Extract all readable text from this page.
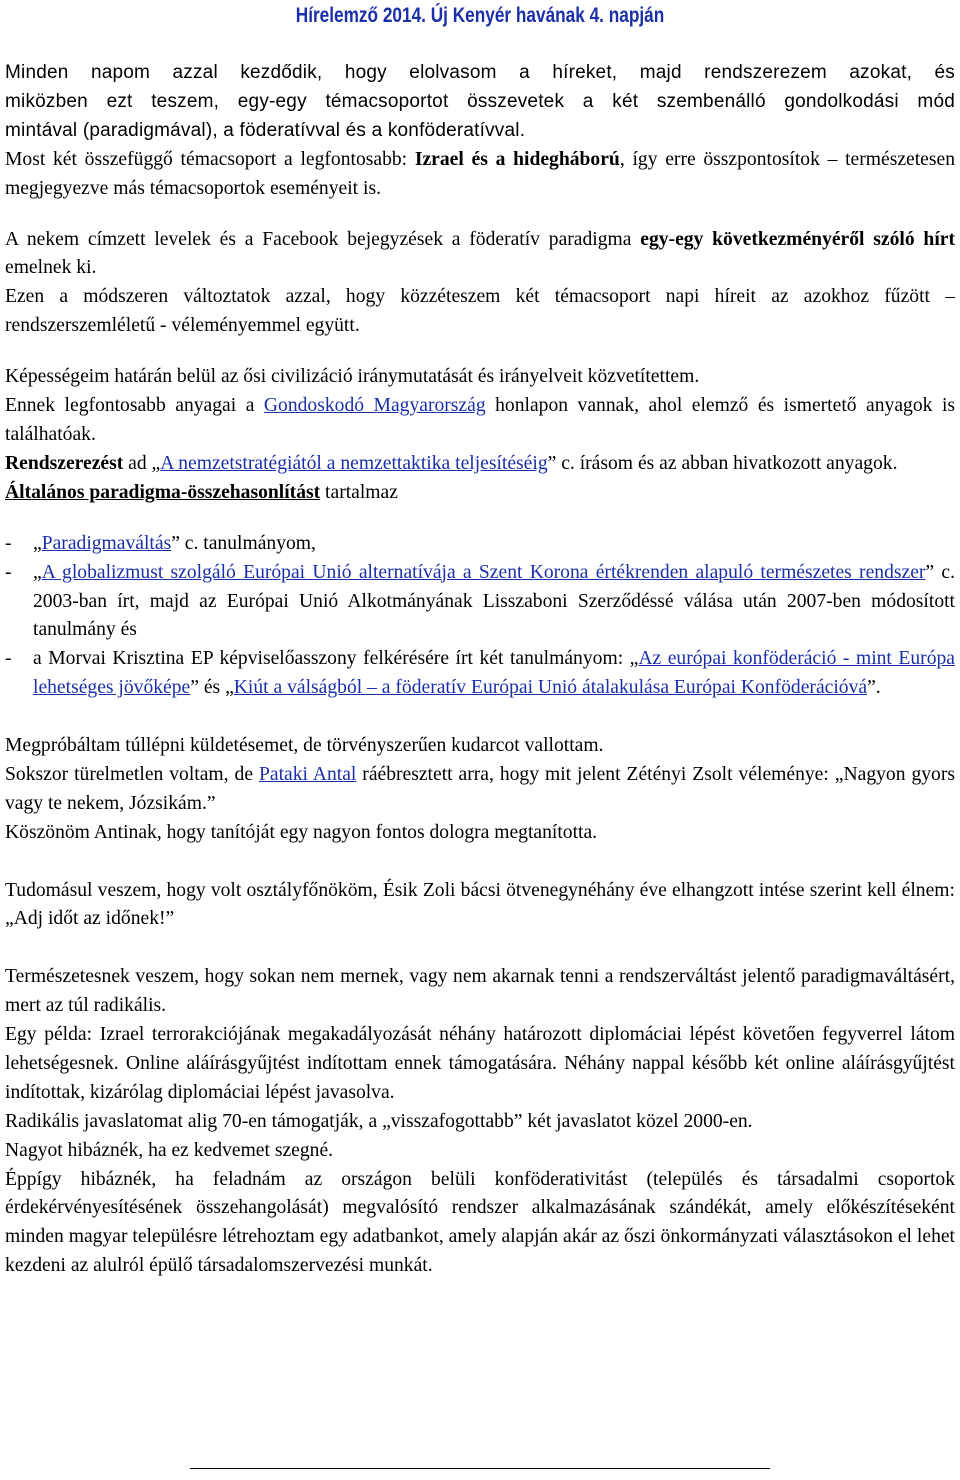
Hírelemző 2014. Új Kenyér havának 4. napján

Minden napom azzal kezdődik, hogy elolvasom a híreket, majd rendszerezem azokat, és

miközben ezt teszem, egy-egy témacsoportot összevetek a két szembenálló gondolkodási mód

mintával (paradigmával), a föderatívval és a konföderatívval.

Most két összefüggő témacsoport a legfontosabb: Izrael és a hidegháború, így erre összpontosítok – természetesen megjegyezve más témacsoportok eseményeit is.

A nekem címzett levelek és a Facebook bejegyzések a föderatív paradigma egy-egy következményéről szóló hírt emelnek ki.

Ezen a módszeren változtatok azzal, hogy közzéteszem két témacsoport napi híreit az azokhoz fűzött – rendszerszemléletű - véleményemmel együtt.

Képességeim határán belül az ősi civilizáció iránymutatását és irányelveit közvetítettem.

Ennek legfontosabb anyagai a Gondoskodó Magyarország honlapon vannak, ahol elemző és ismertető anyagok is találhatóak.

Rendszerezést ad „A nemzetstratégiától a nemzettaktika teljesítéséig” c. írásom és az abban hivatkozott anyagok.

Általános paradigma-összehasonlítást tartalmaz

- „Paradigmaváltás” c. tanulmányom,

- „A globalizmust szolgáló Európai Unió alternatívája a Szent Korona értékrenden alapuló természetes rendszer” c. 2003-ban írt, majd az Európai Unió Alkotmányának Lisszaboni Szerződéssé válása után 2007-ben módosított tanulmány és

- a Morvai Krisztina EP képviselőasszony felkérésére írt két tanulmányom: „Az európai konföderáció - mint Európa lehetséges jövőképe” és „Kiút a válságból – a föderatív Európai Unió átalakulása Európai Konföderációvá”.

Megpróbáltam túllépni küldetésemet, de törvényszerűen kudarcot vallottam.

Sokszor türelmetlen voltam, de Pataki Antal ráébresztett arra, hogy mit jelent Zétényi Zsolt véleménye: „Nagyon gyors vagy te nekem, Józsikám.”

Köszönöm Antinak, hogy tanítóját egy nagyon fontos dologra megtanította.

Tudomásul veszem, hogy volt osztályfőnököm, Ésik Zoli bácsi ötvenegynéhány éve elhangzott intése szerint kell élnem: „Adj időt az időnek!”

Természetesnek veszem, hogy sokan nem mernek, vagy nem akarnak tenni a rendszerváltást jelentő paradigmaváltásért, mert az túl radikális.

Egy példa: Izrael terrorakciójának megakadályozását néhány határozott diplomáciai lépést követően fegyverrel látom lehetségesnek. Online aláírásgyűjtést indítottam ennek támogatására. Néhány nappal később két online aláírásgyűjtést indítottak, kizárólag diplomáciai lépést javasolva.

Radikális javaslatomat alig 70-en támogatják, a „visszafogottabb” két javaslatot közel 2000-en.

Nagyot hibáznék, ha ez kedvemet szegné.

Éppígy hibáznék, ha feladnám az országon belüli konföderativitást (település és társadalmi csoportok érdekérvényesítésének összehangolását) megvalósító rendszer alkalmazásának szándékát, amely előkészítéseként minden magyar településre létrehoztam egy adatbankot, amely alapján akár az őszi önkormányzati választásokon el lehet kezdeni az alulról épülő társadalomszervezési munkát.
